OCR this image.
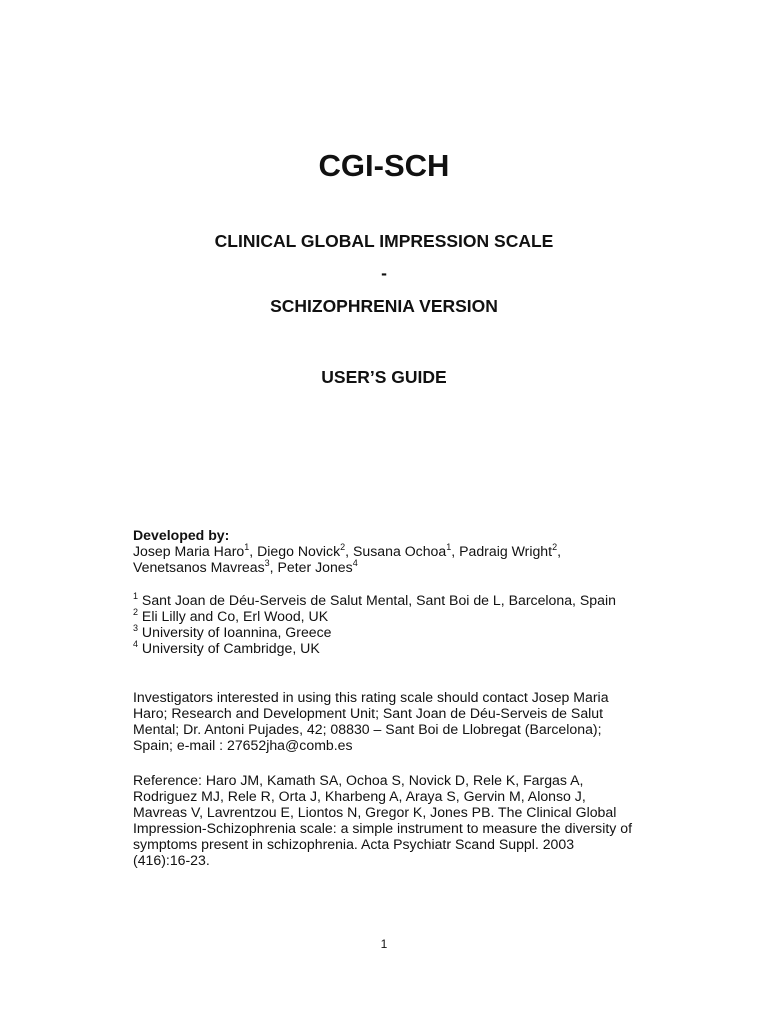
CGI-SCH
CLINICAL GLOBAL IMPRESSION SCALE
-
SCHIZOPHRENIA VERSION
USER’S GUIDE
Developed by:
Josep Maria Haro$^1$, Diego Novick$^2$, Susana Ochoa$^1$, Padraig Wright$^2$,
Venetsanos Mavreas$^3$, Peter Jones$^4$
$^1$ Sant Joan de Déu-Serveis de Salut Mental, Sant Boi de L, Barcelona, Spain
$^2$ Eli Lilly and Co, Erl Wood, UK
$^3$ University of Ioannina, Greece
$^4$ University of Cambridge, UK
Investigators interested in using this rating scale should contact Josep Maria
Haro; Research and Development Unit; Sant Joan de Déu-Serveis de Salut
Mental; Dr. Antoni Pujades, 42; 08830 – Sant Boi de Llobregat (Barcelona);
Spain; e-mail : 27652jha@comb.es
Reference: Haro JM, Kamath SA, Ochoa S, Novick D, Rele K, Fargas A,
Rodriguez MJ, Rele R, Orta J, Kharbeng A, Araya S, Gervin M, Alonso J,
Mavreas V, Lavrentzou E, Liontos N, Gregor K, Jones PB. The Clinical Global
Impression-Schizophrenia scale: a simple instrument to measure the diversity of
symptoms present in schizophrenia. Acta Psychiatr Scand Suppl. 2003
(416):16-23.
1
